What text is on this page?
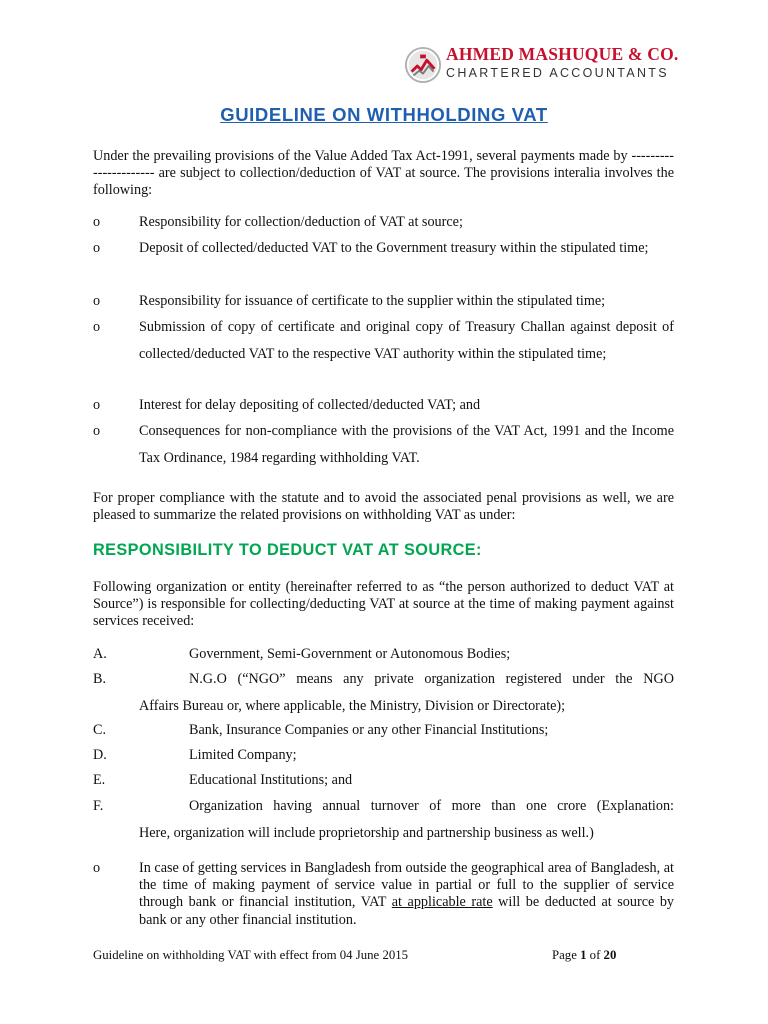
AHMED MASHUQUE & CO.
CHARTERED ACCOUNTANTS
GUIDELINE ON WITHHOLDING VAT

Under the prevailing provisions of the Value Added Tax Act-1991, several payments made by ---------------------- are subject to collection/deduction of VAT at source. The provisions interalia involves the following:

o	Responsibility for collection/deduction of VAT at source;
o	Deposit of collected/deducted VAT to the Government treasury within the stipulated time;
o	Responsibility for issuance of certificate to the supplier within the stipulated time;
o	Submission of copy of certificate and original copy of Treasury Challan against deposit of collected/deducted VAT to the respective VAT authority within the stipulated time;
o	Interest for delay depositing of collected/deducted VAT; and
o	Consequences for non-compliance with the provisions of the VAT Act, 1991 and the Income Tax Ordinance, 1984 regarding withholding VAT.

For proper compliance with the statute and to avoid the associated penal provisions as well, we are pleased to summarize the related provisions on withholding VAT as under:

RESPONSIBILITY TO DEDUCT VAT AT SOURCE:

Following organization or entity (hereinafter referred to as “the person authorized to deduct VAT at Source”) is responsible for collecting/deducting VAT at source at the time of making payment against services received:

A.	Government, Semi-Government or Autonomous Bodies;
B.	N.G.O (“NGO” means any private organization registered under the NGO
Affairs Bureau or, where applicable, the Ministry, Division or Directorate);
C.	Bank, Insurance Companies or any other Financial Institutions;
D.	Limited Company;
E.	Educational Institutions; and
F.	Organization having annual turnover of more than one crore (Explanation:
Here, organization will include proprietorship and partnership business as well.)
o	In case of getting services in Bangladesh from outside the geographical area of Bangladesh, at the time of making payment of service value in partial or full to the supplier of service through bank or financial institution, VAT at applicable rate will be deducted at source by bank or any other financial institution.
Guideline on withholding VAT with effect from 04 June 2015	Page 1 of 20
